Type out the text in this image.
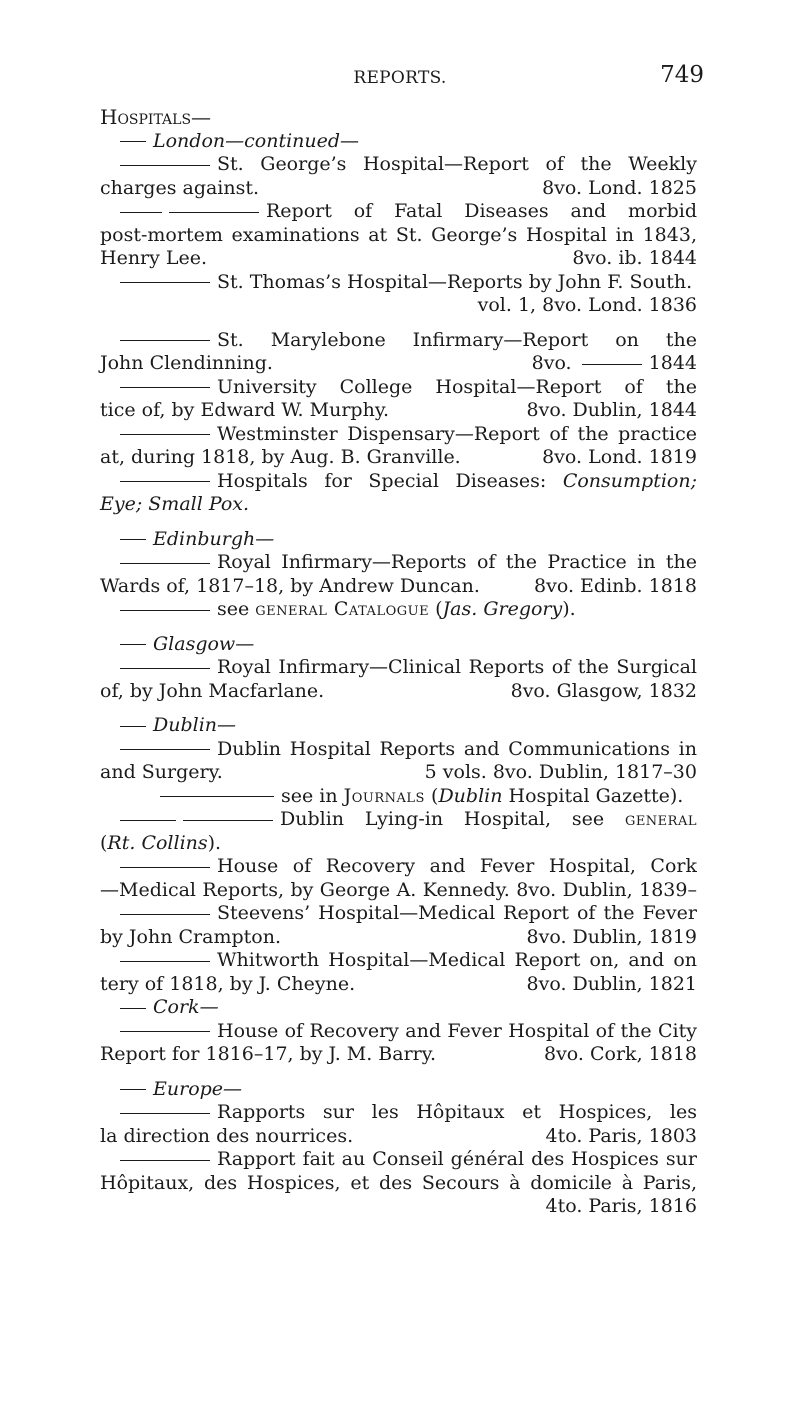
REPORTS.	749
Hospitals—
London—continued—
St. George’s Hospital—Report of the Weekly
charges against.	8vo. Lond. 1825
Report of Fatal Diseases and morbid
post-mortem examinations at St. George’s Hospital in 1843,
Henry Lee.	8vo. ib. 1844
St. Thomas’s Hospital—Reports by John F. South.
vol. 1, 8vo. Lond. 1836
St. Marylebone Infirmary—Report on the
John Clendinning.	8vo.	1844
University College Hospital—Report of the
tice of, by Edward W. Murphy.	8vo. Dublin, 1844
Westminster Dispensary—Report of the practice
at, during 1818, by Aug. B. Granville.	8vo. Lond. 1819
Hospitals for Special Diseases: Consumption;
Eye; Small Pox.
Edinburgh—
Royal Infirmary—Reports of the Practice in the
Wards of, 1817–18, by Andrew Duncan.	8vo. Edinb. 1818
see general Catalogue (Jas. Gregory).
Glasgow—
Royal Infirmary—Clinical Reports of the Surgical
of, by John Macfarlane.	8vo. Glasgow, 1832
Dublin—
Dublin Hospital Reports and Communications in
and Surgery.	5 vols. 8vo. Dublin, 1817–30
see in Journals (Dublin Hospital Gazette).
Dublin Lying-in Hospital, see general
(Rt. Collins).
House of Recovery and Fever Hospital, Cork
—Medical Reports, by George A. Kennedy. 8vo. Dublin, 1839–
Steevens’ Hospital—Medical Report of the Fever
by John Crampton.	8vo. Dublin, 1819
Whitworth Hospital—Medical Report on, and on
tery of 1818, by J. Cheyne.	8vo. Dublin, 1821
Cork—
House of Recovery and Fever Hospital of the City
Report for 1816–17, by J. M. Barry.	8vo. Cork, 1818
Europe—
Rapports sur les Hôpitaux et Hospices, les
la direction des nourrices.	4to. Paris, 1803
Rapport fait au Conseil général des Hospices sur
Hôpitaux, des Hospices, et des Secours à domicile à Paris,
4to. Paris, 1816
